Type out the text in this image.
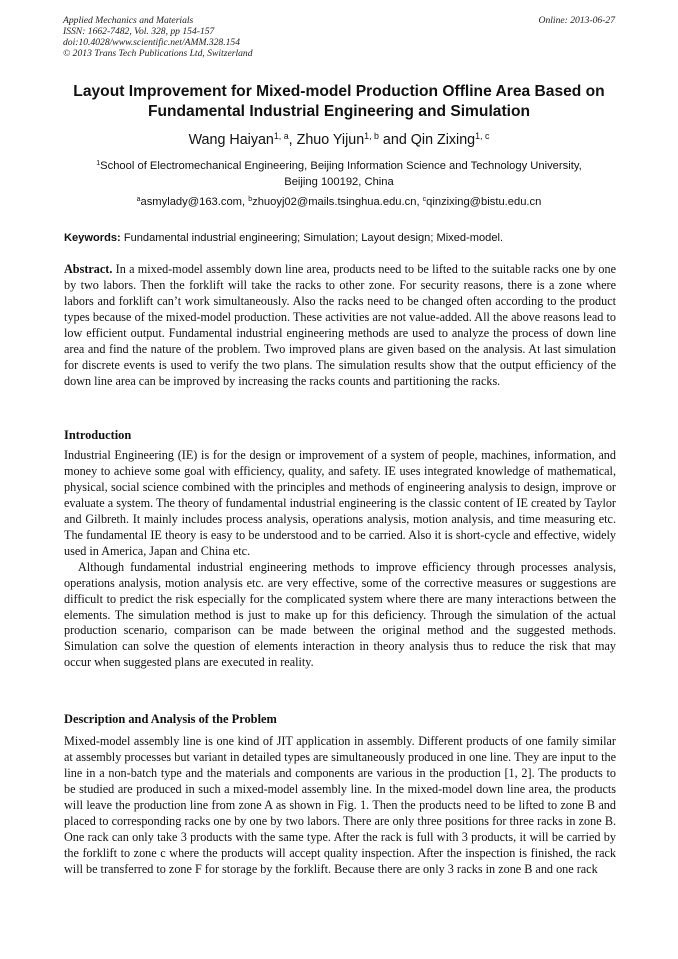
Applied Mechanics and Materials
ISSN: 1662-7482, Vol. 328, pp 154-157
doi:10.4028/www.scientific.net/AMM.328.154
© 2013 Trans Tech Publications Ltd, Switzerland
Online: 2013-06-27
Layout Improvement for Mixed-model Production Offline Area Based on
Fundamental Industrial Engineering and Simulation
Wang Haiyan$^{1, a}$, Zhuo Yijun$^{1, b}$ and Qin Zixing$^{1, c}$
$^1$School of Electromechanical Engineering, Beijing Information Science and Technology University,
Beijing 100192, China
$^a$asmylady@163.com, $^b$zhuoyj02@mails.tsinghua.edu.cn, $^c$qinzixing@bistu.edu.cn
Keywords: Fundamental industrial engineering; Simulation; Layout design; Mixed-model.
Abstract. In a mixed-model assembly down line area, products need to be lifted to the suitable racks one by one by two labors. Then the forklift will take the racks to other zone. For security reasons, there is a zone where labors and forklift can’t work simultaneously. Also the racks need to be changed often according to the product types because of the mixed-model production. These activities are not value-added. All the above reasons lead to low efficient output. Fundamental industrial engineering methods are used to analyze the process of down line area and find the nature of the problem. Two improved plans are given based on the analysis. At last simulation for discrete events is used to verify the two plans. The simulation results show that the output efficiency of the down line area can be improved by increasing the racks counts and partitioning the racks.
Introduction

Industrial Engineering (IE) is for the design or improvement of a system of people, machines, information, and money to achieve some goal with efficiency, quality, and safety. IE uses integrated knowledge of mathematical, physical, social science combined with the principles and methods of engineering analysis to design, improve or evaluate a system. The theory of fundamental industrial engineering is the classic content of IE created by Taylor and Gilbreth. It mainly includes process analysis, operations analysis, motion analysis, and time measuring etc. The fundamental IE theory is easy to be understood and to be carried. Also it is short-cycle and effective, widely used in America, Japan and China etc.

Although fundamental industrial engineering methods to improve efficiency through processes analysis, operations analysis, motion analysis etc. are very effective, some of the corrective measures or suggestions are difficult to predict the risk especially for the complicated system where there are many interactions between the elements. The simulation method is just to make up for this deficiency. Through the simulation of the actual production scenario, comparison can be made between the original method and the suggested methods. Simulation can solve the question of elements interaction in theory analysis thus to reduce the risk that may occur when suggested plans are executed in reality.

Description and Analysis of the Problem

Mixed-model assembly line is one kind of JIT application in assembly. Different products of one family similar at assembly processes but variant in detailed types are simultaneously produced in one line. They are input to the line in a non-batch type and the materials and components are various in the production [1, 2]. The products to be studied are produced in such a mixed-model assembly line. In the mixed-model down line area, the products will leave the production line from zone A as shown in Fig. 1. Then the products need to be lifted to zone B and placed to corresponding racks one by one by two labors. There are only three positions for three racks in zone B. One rack can only take 3 products with the same type. After the rack is full with 3 products, it will be carried by the forklift to zone c where the products will accept quality inspection. After the inspection is finished, the rack will be transferred to zone F for storage by the forklift. Because there are only 3 racks in zone B and one rack
